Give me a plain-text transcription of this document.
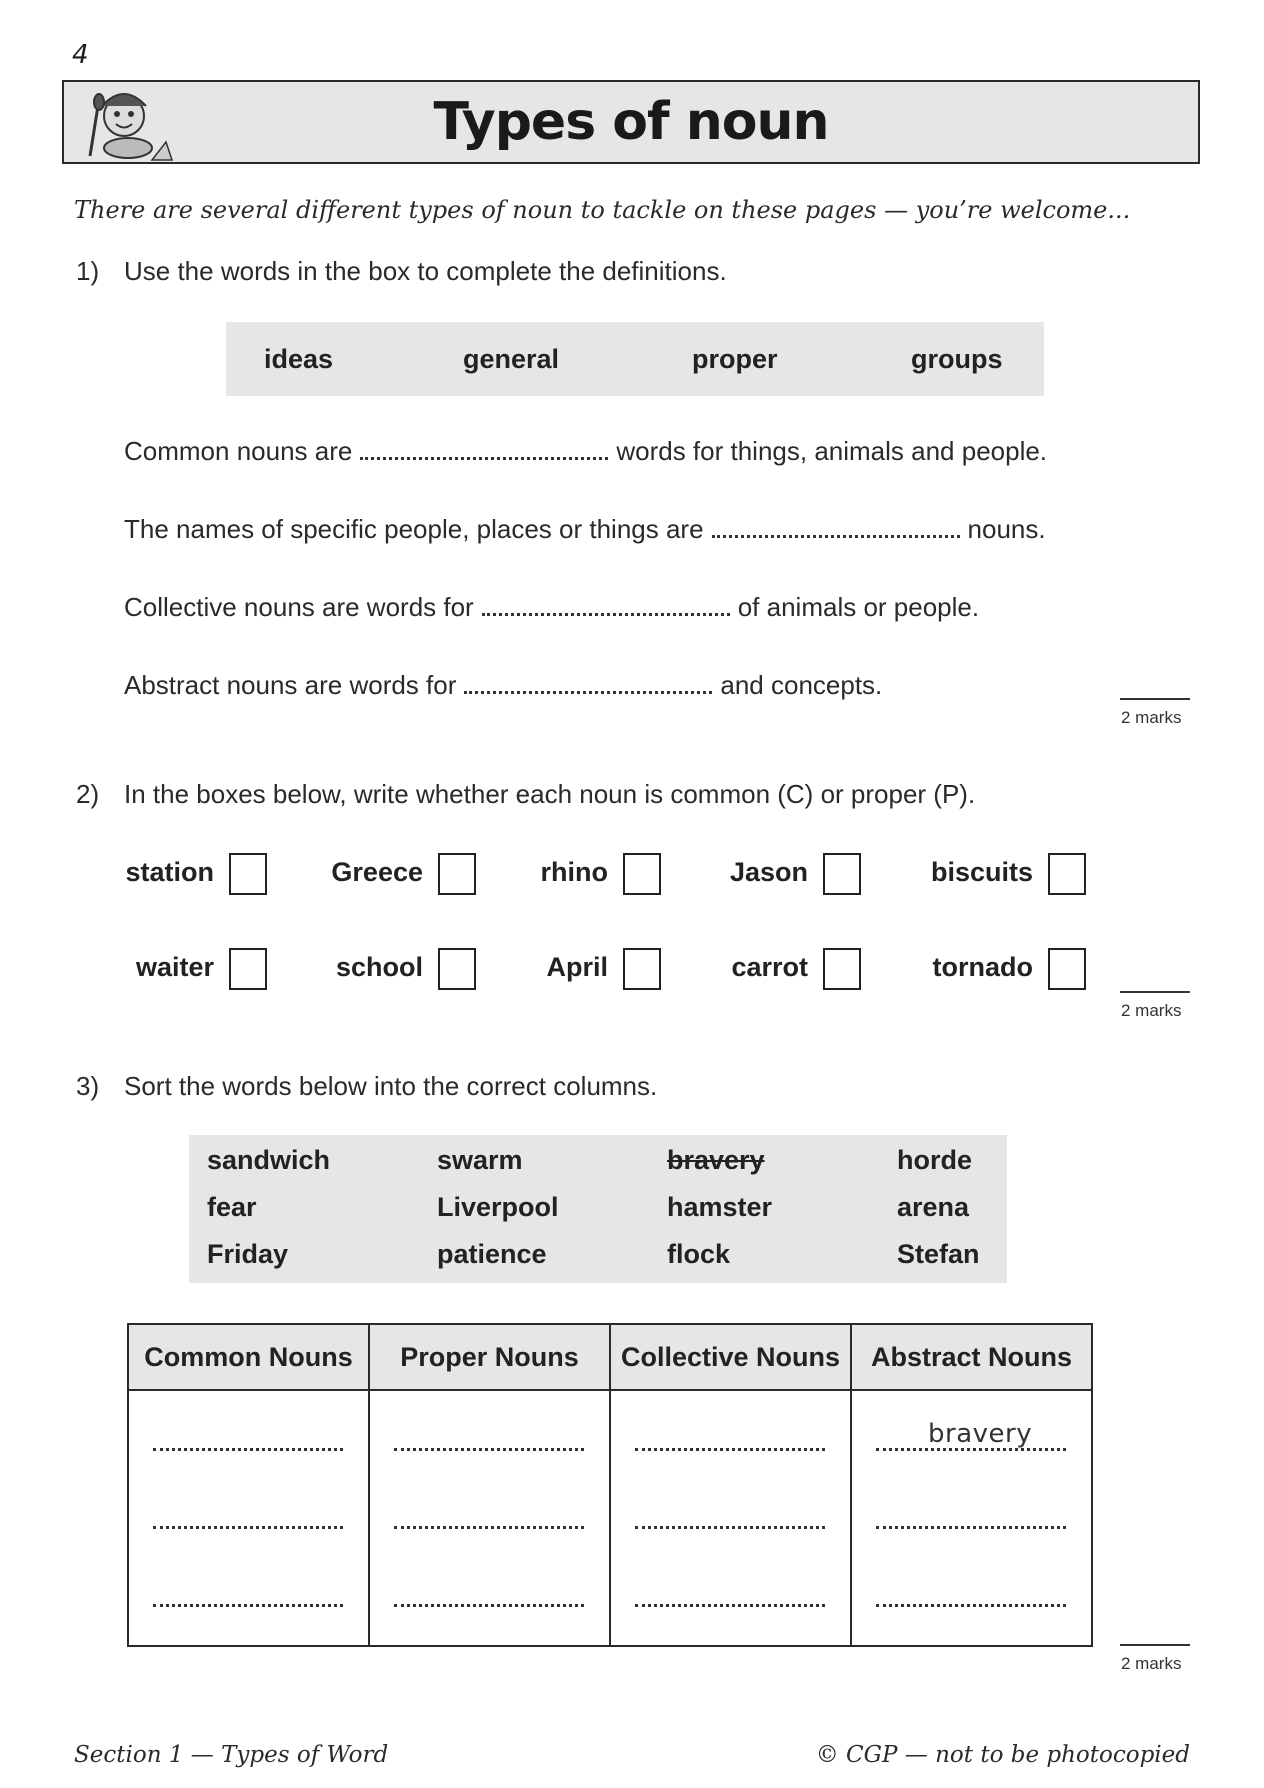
4
Types of noun
There are several different types of noun to tackle on these pages — you’re welcome...
1) Use the words in the box to complete the definitions.
ideas	general	proper	groups
Common nouns are	words for things, animals and people.
The names of specific people, places or things are	nouns.
Collective nouns are words for	of animals or people.
Abstract nouns are words for	and concepts.
2 marks
2) In the boxes below, write whether each noun is common (C) or proper (P).
station	Greece	rhino	Jason	biscuits
waiter	school	April	carrot	tornado
2 marks
3) Sort the words below into the correct columns.
sandwich	swarm	bravery	horde
fear	Liverpool	hamster	arena
Friday	patience	flock	Stefan
Common Nouns	Proper Nouns	Collective Nouns	Abstract Nouns

			bravery
2 marks
Section 1 — Types of Word	© CGP — not to be photocopied
